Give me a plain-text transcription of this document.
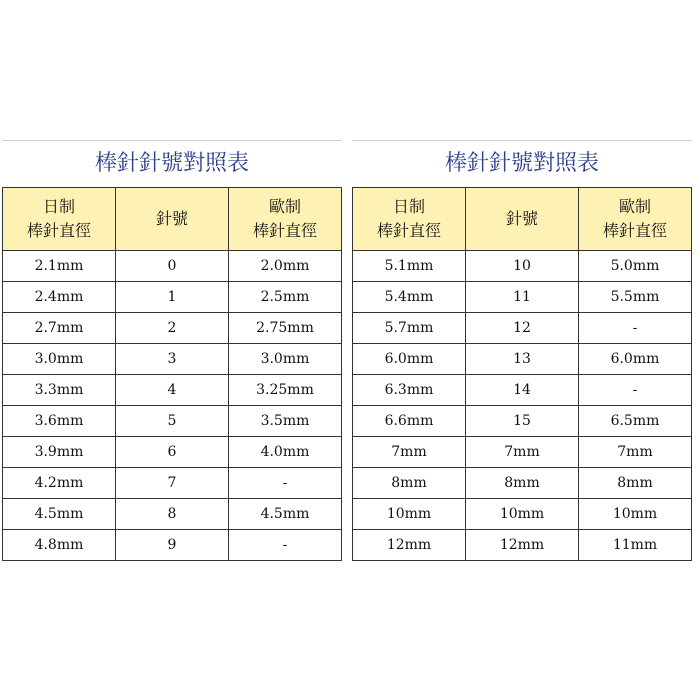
棒針針號對照表
日制
棒針直徑	針號	歐制
棒針直徑

2.1mm	0	2.0mm
2.4mm	1	2.5mm
2.7mm	2	2.75mm
3.0mm	3	3.0mm
3.3mm	4	3.25mm
3.6mm	5	3.5mm
3.9mm	6	4.0mm
4.2mm	7	-
4.5mm	8	4.5mm
4.8mm	9	-
棒針針號對照表
日制
棒針直徑	針號	歐制
棒針直徑

5.1mm	10	5.0mm
5.4mm	11	5.5mm
5.7mm	12	-
6.0mm	13	6.0mm
6.3mm	14	-
6.6mm	15	6.5mm
7mm	7mm	7mm
8mm	8mm	8mm
10mm	10mm	10mm
12mm	12mm	11mm
